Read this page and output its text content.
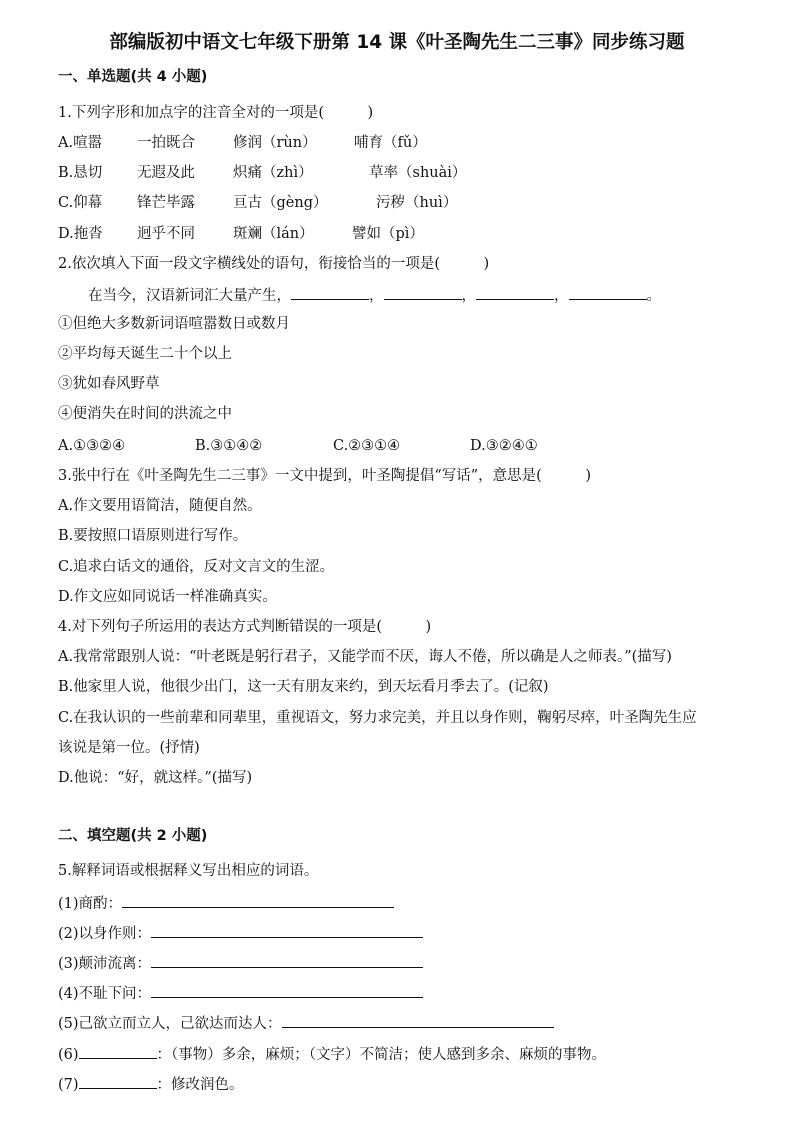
部编版初中语文七年级下册第 14 课《叶圣陶先生二三事》同步练习题
一、单选题(共 4 小题)
1.下列字形和加点字的注音全对的一项是(　　　)
A.喧嚣 一拍既合	修润（rùn）	哺育（fǔ）
B.恳切 无遐及此	炽痛（zhì）	草率（shuài）
C.仰幕 锋芒毕露	亘古（gèng）	污秽（huì）
D.拖沓 迥乎不同	斑斓（lán）	譬如（pì）
2.依次填入下面一段文字横线处的语句，衔接恰当的一项是(　　　)
在当今，汉语新词汇大量产生，	，	，	，	。
①但绝大多数新词语喧嚣数日或数月
②平均每天诞生二十个以上
③犹如春风野草
④便消失在时间的洪流之中
A.①③②④	B.③①④②	C.②③①④	D.③②④①
3.张中行在《叶圣陶先生二三事》一文中提到，叶圣陶提倡“写话”，意思是(　　　)
A.作文要用语简洁，随便自然。
B.要按照口语原则进行写作。
C.追求白话文的通俗，反对文言文的生涩。
D.作文应如同说话一样准确真实。
4.对下列句子所运用的表达方式判断错误的一项是(　　　)
A.我常常跟别人说：“叶老既是躬行君子，又能学而不厌，诲人不倦，所以确是人之师表。”(描写)
B.他家里人说，他很少出门，这一天有朋友来约，到天坛看月季去了。(记叙)
C.在我认识的一些前辈和同辈里，重视语文，努力求完美，并且以身作则，鞠躬尽瘁，叶圣陶先生应
该说是第一位。(抒情)
D.他说：“好，就这样。”(描写)
二、填空题(共 2 小题)
5.解释词语或根据释义写出相应的词语。
(1)商酌：
(2)以身作则：
(3)颠沛流离：
(4)不耻下问：
(5)己欲立而立人，己欲达而达人：
(6)	：（事物）多余，麻烦；（文字）不简洁；使人感到多余、麻烦的事物。
(7)	：修改润色。
